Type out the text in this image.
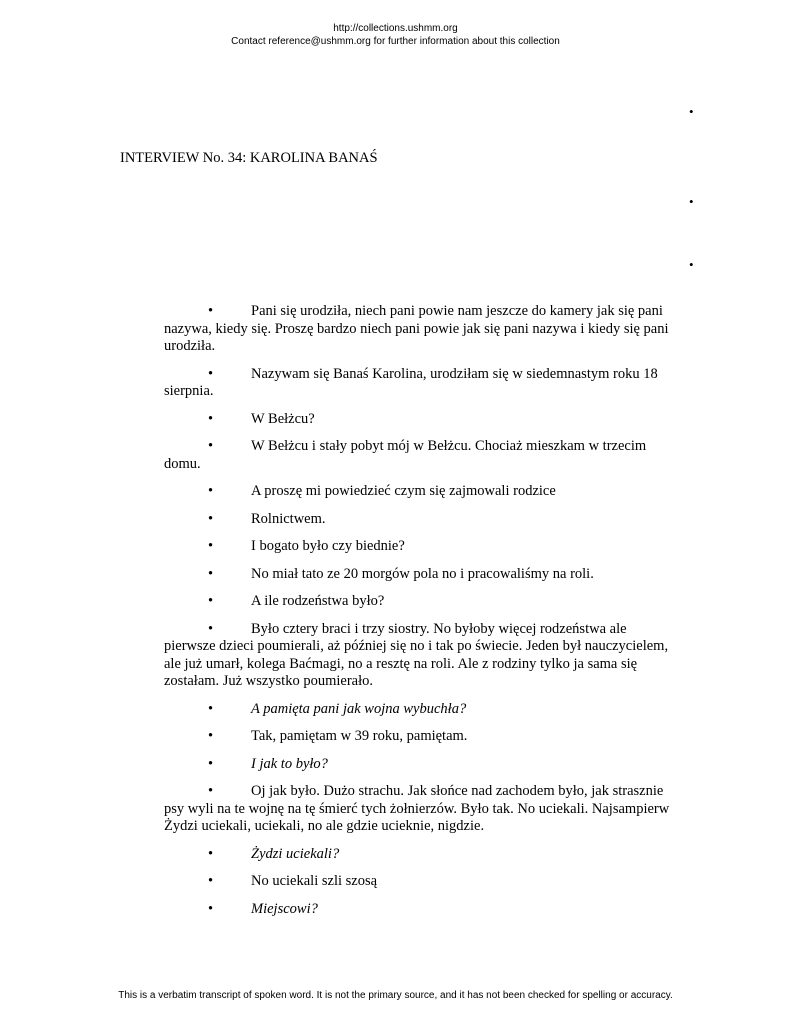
http://collections.ushmm.org
Contact reference@ushmm.org for further information about this collection
•
•
•
INTERVIEW No. 34: KAROLINA BANAŚ
•	Pani się urodziła, niech pani powie nam jeszcze do kamery jak się pani nazywa, kiedy się. Proszę bardzo niech pani powie jak się pani nazywa i kiedy się pani urodziła.
•	Nazywam się Banaś Karolina, urodziłam się w siedemnastym roku 18 sierpnia.
•	W Bełżcu?
•	W Bełżcu i stały pobyt mój w Bełżcu. Chociaż mieszkam w trzecim domu.
•	A proszę mi powiedzieć czym się zajmowali rodzice
•	Rolnictwem.
•	I bogato było czy biednie?
•	No miał tato ze 20 morgów pola no i pracowaliśmy na roli.
•	A ile rodzeństwa było?
•	Było cztery braci i trzy siostry. No byłoby więcej rodzeństwa ale pierwsze dzieci poumierali, aż później się no i tak po świecie. Jeden był nauczycielem, ale już umarł, kolega Baćmagi, no a resztę na roli. Ale z rodziny tylko ja sama się zostałam. Już wszystko poumierało.
•	A pamięta pani jak wojna wybuchła?
•	Tak, pamiętam w 39 roku, pamiętam.
•	I jak to było?
•	Oj jak było. Dużo strachu. Jak słońce nad zachodem było, jak strasznie psy wyli na te wojnę na tę śmierć tych żołnierzów. Było tak. No uciekali. Najsampierw Żydzi uciekali, uciekali, no ale gdzie ucieknie, nigdzie.
•	Żydzi uciekali?
•	No uciekali szli szosą
•	Miejscowi?
This is a verbatim transcript of spoken word. It is not the primary source, and it has not been checked for spelling or accuracy.
